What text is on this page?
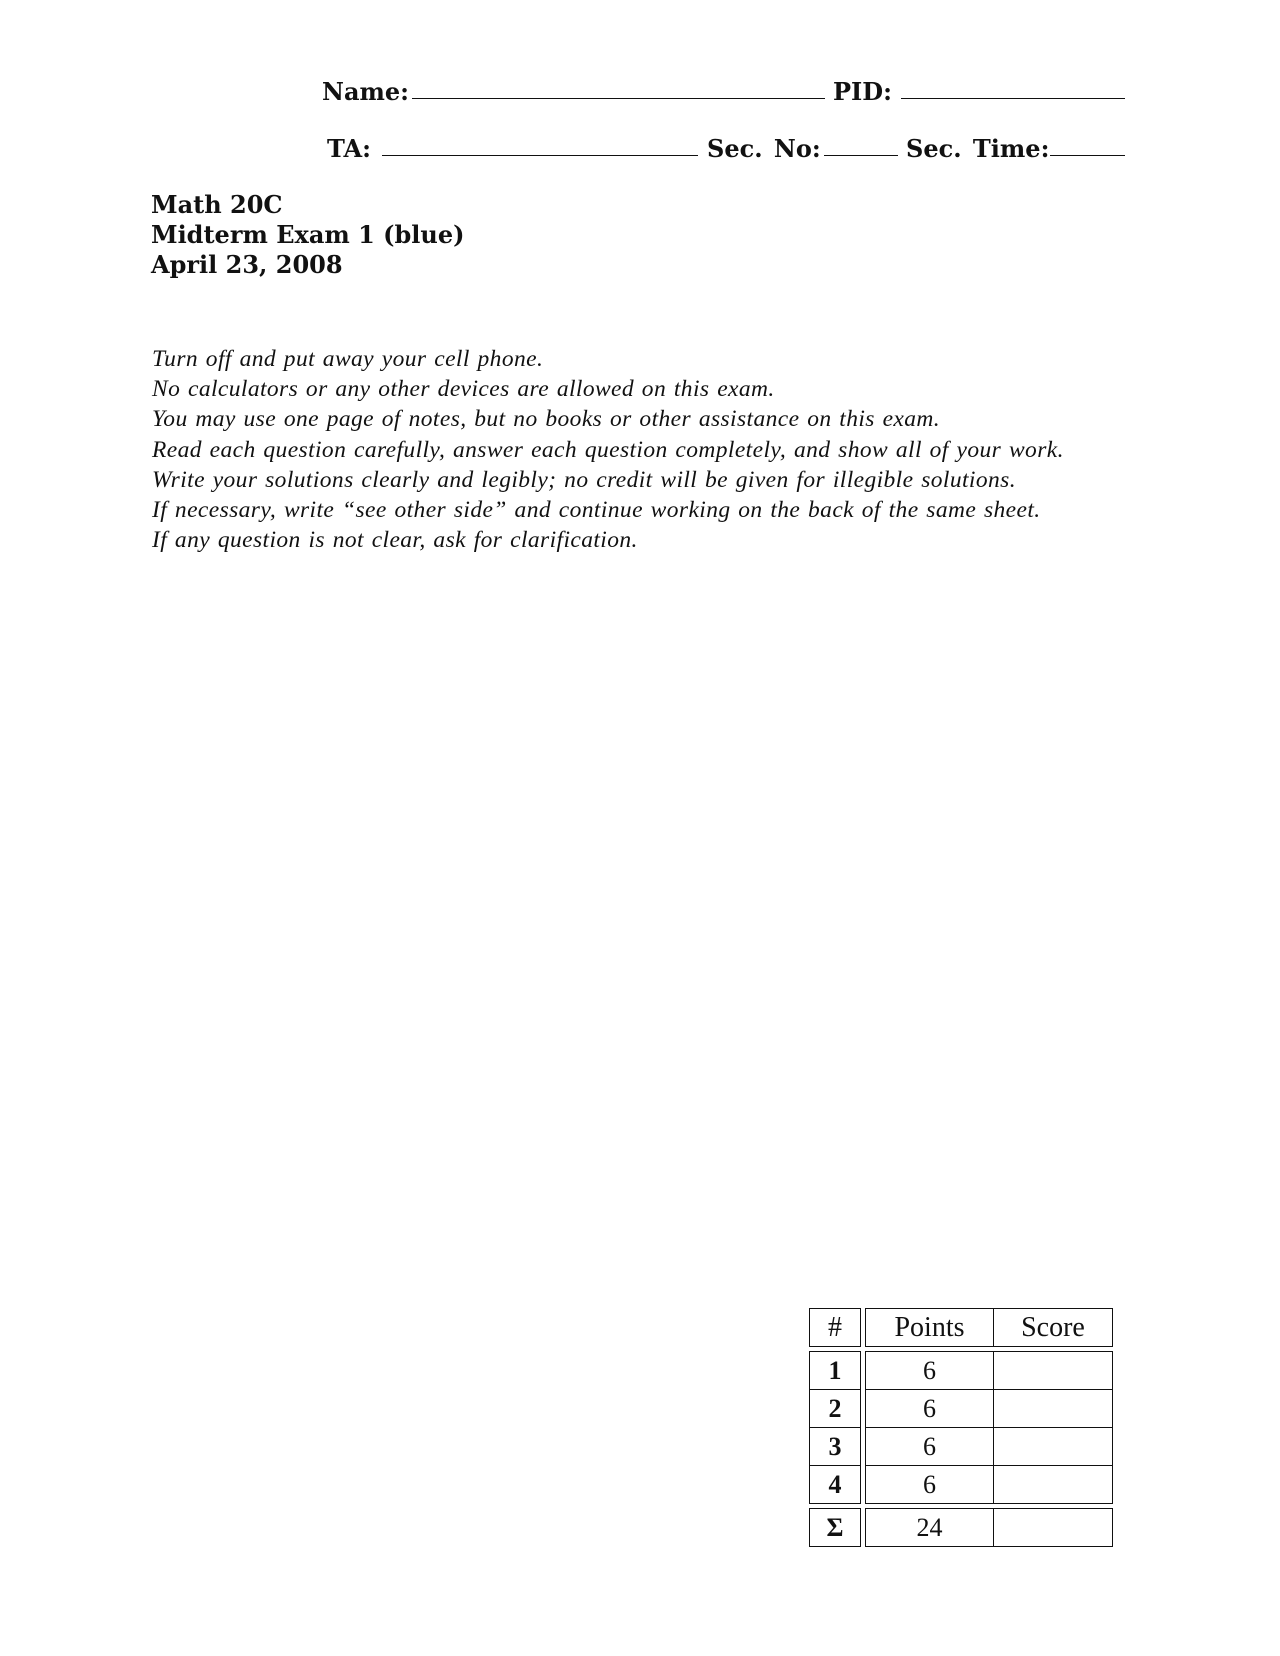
Name:	PID:
TA:	Sec. No:	Sec. Time:
Math 20C
Midterm Exam 1 (blue)
April 23, 2008
Turn off and put away your cell phone.
No calculators or any other devices are allowed on this exam.
You may use one page of notes, but no books or other assistance on this exam.
Read each question carefully, answer each question completely, and show all of your work.
Write your solutions clearly and legibly; no credit will be given for illegible solutions.
If necessary, write “see other side” and continue working on the back of the same sheet.
If any question is not clear, ask for clarification.
#	Points	Score
1	6
2	6
3	6
4	6
Σ	24
